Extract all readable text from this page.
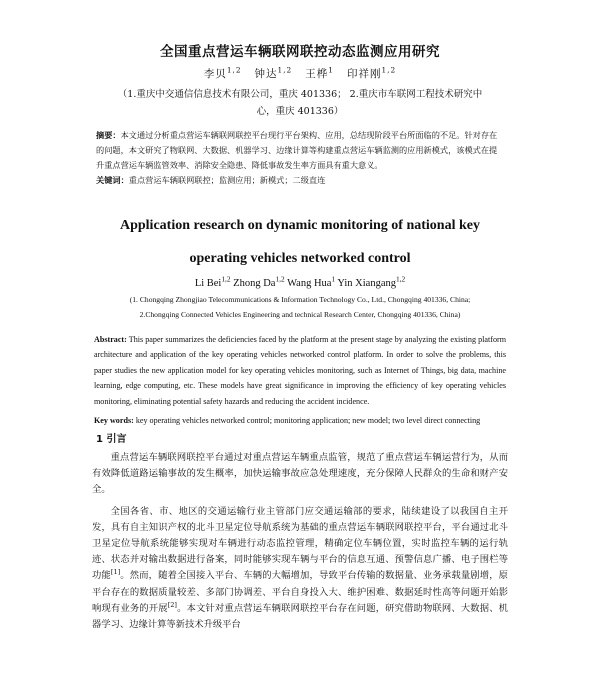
全国重点营运车辆联网联控动态监测应用研究
李贝$^{1,2}$ 钟达$^{1,2}$ 王桦$^1$ 印祥刚$^{1,2}$
（1.重庆中交通信信息技术有限公司，重庆 401336； 2.重庆市车联网工程技术研究中心，重庆 401336）

摘要：本文通过分析重点营运车辆联网联控平台现行平台架构、应用，总结现阶段平台所面临的不足。针对存在的问题，本文研究了物联网、大数据、机器学习、边缘计算等构建重点营运车辆监测的应用新模式，该模式在提升重点营运车辆监管效率、消除安全隐患、降低事故发生率方面具有重大意义。

关键词：重点营运车辆联网联控；监测应用；新模式；二级直连

Application research on dynamic monitoring of national key
operating vehicles networked control
Li Bei$^{1,2}$ Zhong Da$^{1,2}$ Wang Hua$^1$ Yin Xiangang$^{1,2}$
(1. Chongqing Zhongjiao Telecommunications & Information Technology Co., Ltd., Chongqing 401336, China;
2.Chongqing Connected Vehicles Engineering and technical Research Center, Chongqing 401336, China)

Abstract: This paper summarizes the deficiencies faced by the platform at the present stage by analyzing the existing platform architecture and application of the key operating vehicles networked control platform. In order to solve the problems, this paper studies the new application model for key operating vehicles monitoring, such as Internet of Things, big data, machine learning, edge computing, etc. These models have great significance in improving the efficiency of key operating vehicles monitoring, eliminating potential safety hazards and reducing the accident incidence.

Key words: key operating vehicles networked control; monitoring application; new model; two level direct connecting

1 引言

重点营运车辆联网联控平台通过对重点营运车辆重点监管，规范了重点营运车辆运营行为，从而有效降低道路运输事故的发生概率，加快运输事故应急处理速度，充分保障人民群众的生命和财产安全。

全国各省、市、地区的交通运输行业主管部门应交通运输部的要求，陆续建设了以我国自主开发，具有自主知识产权的北斗卫星定位导航系统为基础的重点营运车辆联网联控平台，平台通过北斗卫星定位导航系统能够实现对车辆进行动态监控管理，精确定位车辆位置，实时监控车辆的运行轨迹、状态并对输出数据进行备案，同时能够实现车辆与平台的信息互通、预警信息广播、电子围栏等功能[1]。然而，随着全国接入平台、车辆的大幅增加，导致平台传输的数据量、业务承载量剧增，原平台存在的数据质量较差、多部门协调差、平台自身投入大、维护困难、数据延时性高等问题开始影响现有业务的开展[2]。本文针对重点营运车辆联网联控平台存在问题，研究借助物联网、大数据、机器学习、边缘计算等新技术升级平台
